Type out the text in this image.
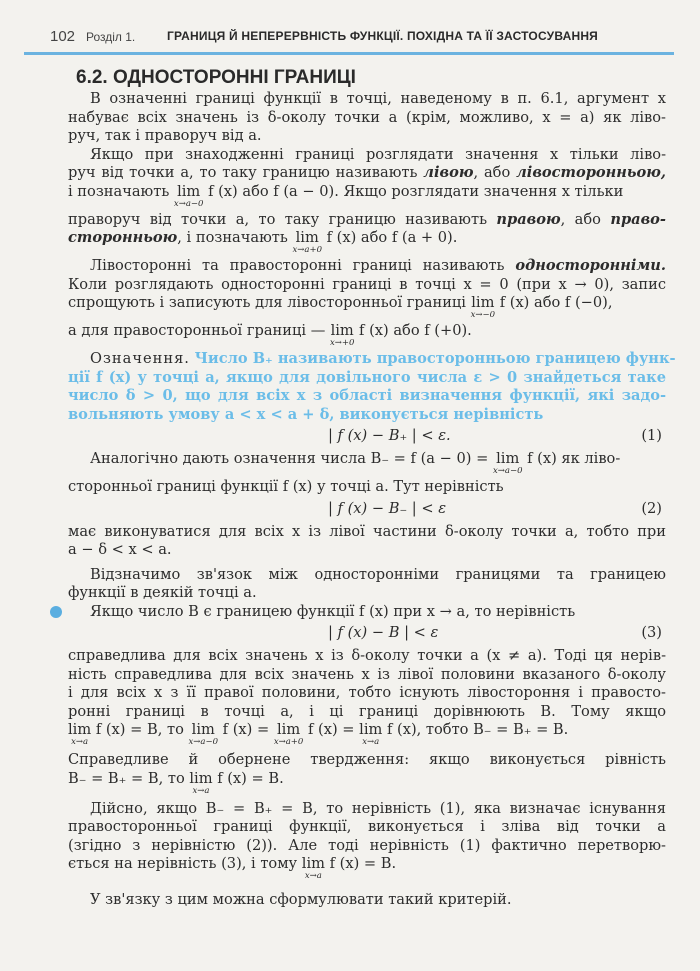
102 Розділ 1.	ГРАНИЦЯ Й НЕПЕРЕРВНІСТЬ ФУНКЦІЇ. ПОХІДНА ТА ЇЇ ЗАСТОСУВАННЯ
6.2. ОДНОСТОРОННІ ГРАНИЦІ
В означенні границі функції в точці, наведеному в п. 6.1, аргумент x
набуває всіх значень із δ-околу точки a (крім, можливо, x = a) як ліво-
руч, так і праворуч від a.
Якщо при знаходженні границі розглядати значення x тільки ліво-
руч від точки a, то таку границю називають лівою, або лівосторонньою,
і позначають lim
x→a−0
f (x) або f (a − 0). Якщо розглядати значення x тільки
праворуч від точки a, то таку границю називають правою, або право-
сторонньою, і позначають lim
x→a+0
f (x) або f (a + 0).
Лівосторонні та правосторонні границі називають односторонніми.
Коли розглядають односторонні границі в точці x = 0 (при x → 0), запис
спрощують і записують для лівосторонньої границі lim
x→−0
f (x) або f (−0),
а для правосторонньої границі — lim
x→+0
f (x) або f (+0).
Означення. Число B₊ називають правосторонньою границею функ-
ції f (x) у точці a, якщо для довільного числа ε > 0 знайдеться таке
число δ > 0, що для всіх x з області визначення функції, які задо-
вольняють умову a < x < a + δ, виконується нерівність
| f (x) − B₊ | < ε.	(1)
Аналогічно дають означення числа B₋ = f (a − 0) = lim
x→a−0
f (x) як ліво-
сторонньої границі функції f (x) у точці a. Тут нерівність
| f (x) − B₋ | < ε	(2)
має виконуватися для всіх x із лівої частини δ-околу точки a, тобто при
a − δ < x < a.
Відзначимо зв'язок між односторонніми границями та границею
функції в деякій точці a.
Якщо число B є границею функції f (x) при x → a, то нерівність
| f (x) − B | < ε	(3)
справедлива для всіх значень x із δ-околу точки a (x ≠ a). Тоді ця нерів-
ність справедлива для всіх значень x із лівої половини вказаного δ-околу
і для всіх x з її правої половини, тобто існують лівостороння і правосто-
ронні границі в точці a, і ці границі дорівнюють B. Тому якщо
lim
x→a
f (x) = B, то lim
x→a−0
f (x) = lim
x→a+0
f (x) = lim
x→a
f (x), тобто B₋ = B₊ = B.
Справедливе й обернене твердження: якщо виконується рівність
B₋ = B₊ = B, то lim
x→a
f (x) = B.
Дійсно, якщо B₋ = B₊ = B, то нерівність (1), яка визначає існування
правосторонньої границі функції, виконується і зліва від точки a
(згідно з нерівністю (2)). Але тоді нерівність (1) фактично перетворю-
ється на нерівність (3), і тому lim
x→a
f (x) = B.
У зв'язку з цим можна сформулювати такий критерій.
